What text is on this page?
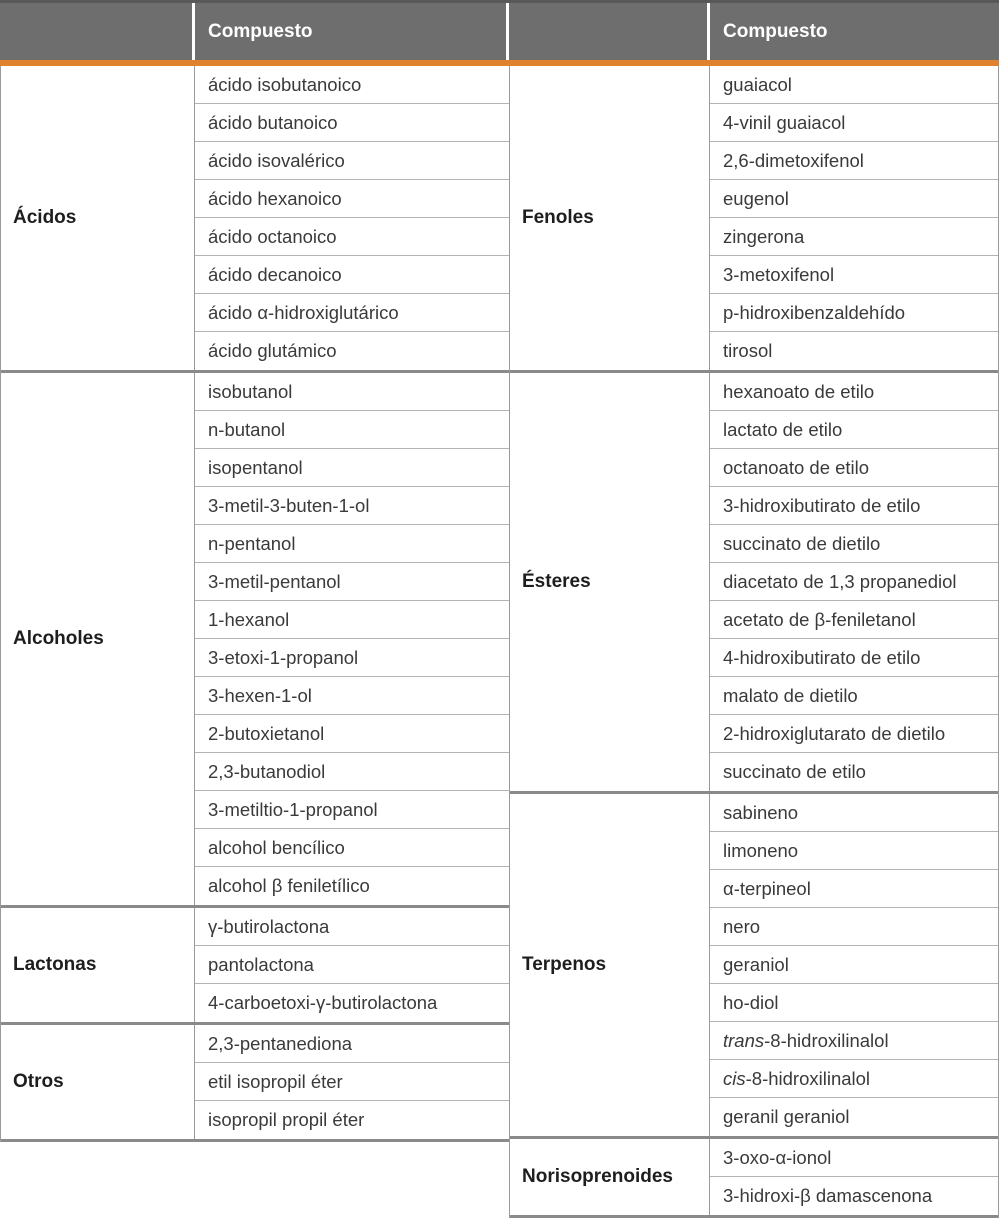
Compuesto	Compuesto
Ácidos
ácido isobutanoico
ácido butanoico
ácido isovalérico
ácido hexanoico
ácido octanoico
ácido decanoico
ácido α-hidroxiglutárico
ácido glutámico
Alcoholes
isobutanol
n-butanol
isopentanol
3-metil-3-buten-1-ol
n-pentanol
3-metil-pentanol
1-hexanol
3-etoxi-1-propanol
3-hexen-1-ol
2-butoxietanol
2,3-butanodiol
3-metiltio-1-propanol
alcohol bencílico
alcohol β feniletílico
Lactonas
γ-butirolactona
pantolactona
4-carboetoxi-γ-butirolactona
Otros
2,3-pentanediona
etil isopropil éter
isopropil propil éter
Fenoles
guaiacol
4-vinil guaiacol
2,6-dimetoxifenol
eugenol
zingerona
3-metoxifenol
p-hidroxibenzaldehído
tirosol
Ésteres
hexanoato de etilo
lactato de etilo
octanoato de etilo
3-hidroxibutirato de etilo
succinato de dietilo
diacetato de 1,3 propanediol
acetato de β-feniletanol
4-hidroxibutirato de etilo
malato de dietilo
2-hidroxiglutarato de dietilo
succinato de etilo
Terpenos
sabineno
limoneno
α-terpineol
nero
geraniol
ho-diol
trans -8-hidroxilinalol
cis -8-hidroxilinalol
geranil geraniol
Norisoprenoides
3-oxo-α-ionol
3-hidroxi-β damascenona
